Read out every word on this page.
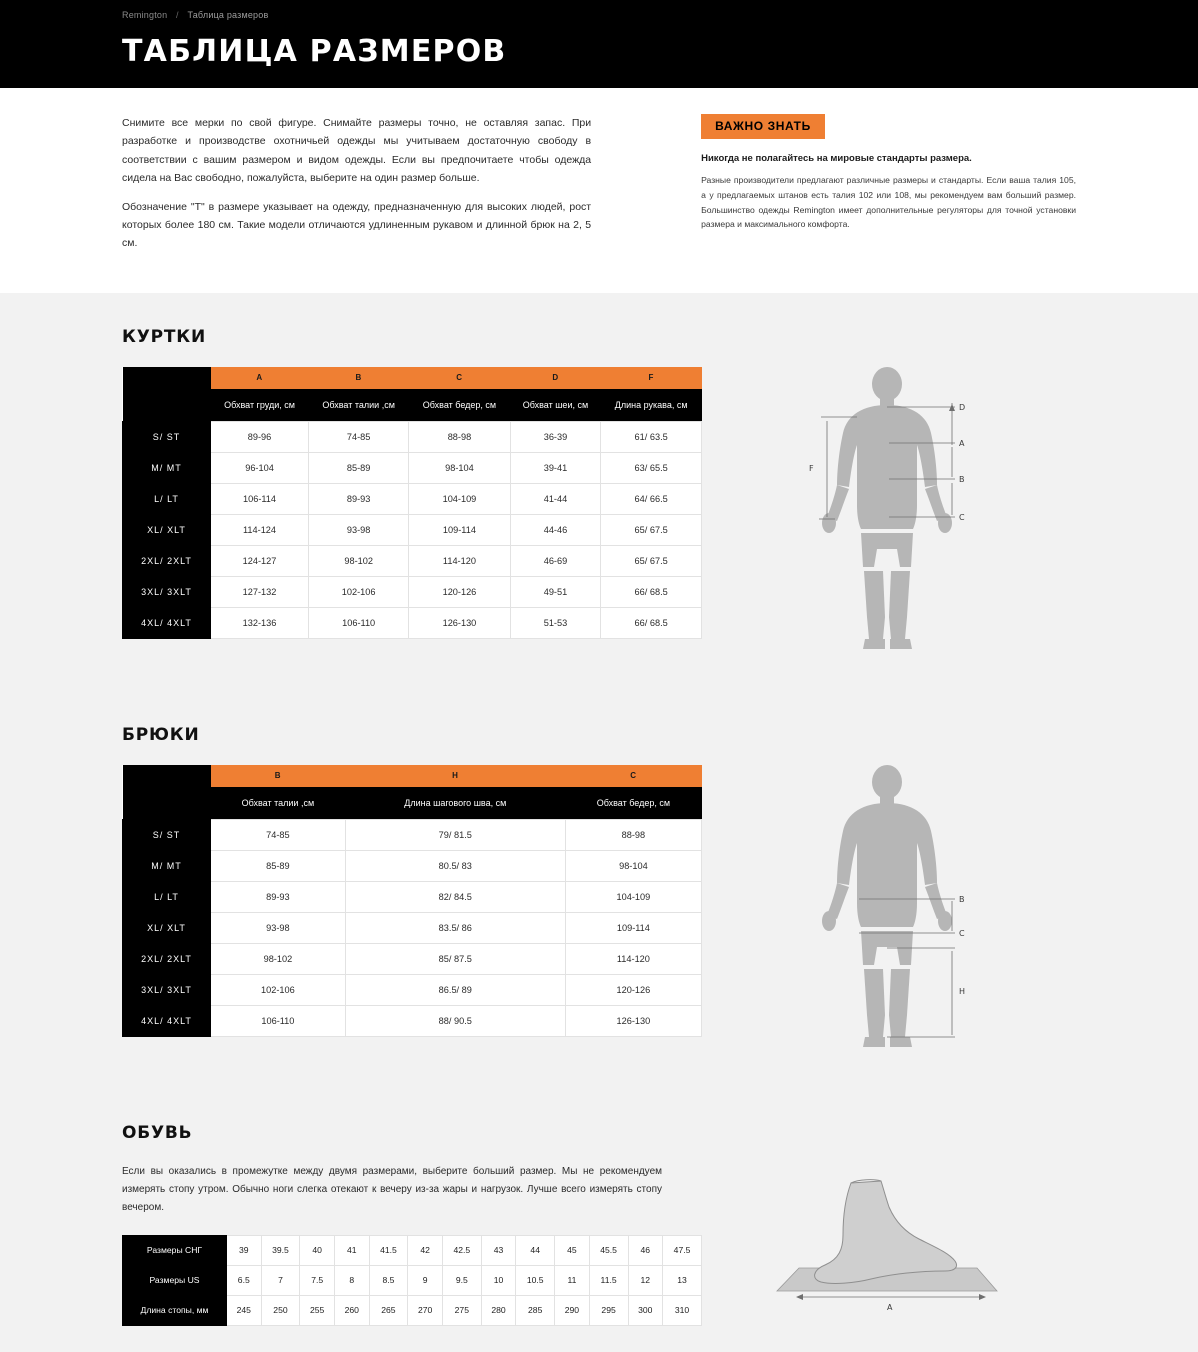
Remington / Таблица размеров
ТАБЛИЦА РАЗМЕРОВ

Снимите все мерки по свой фигуре. Снимайте размеры точно, не оставляя запас. При разработке и производстве охотничьей одежды мы учитываем достаточную свободу в соответствии с вашим размером и видом одежды. Если вы предпочитаете чтобы одежда сидела на Вас свободно, пожалуйста, выберите на один размер больше.

Обозначение "Т" в размере указывает на одежду, предназначенную для высоких людей, рост которых более 180 см. Такие модели отличаются удлиненным рукавом и длинной брюк на 2, 5 см.

ВАЖНО ЗНАТЬ
Никогда не полагайтесь на мировые стандарты размера.
Разные производители предлагают различные размеры и стандарты. Если ваша талия 105, а у предлагаемых штанов есть талия 102 или 108, мы рекомендуем вам больший размер. Большинство одежды Remington имеет дополнительные регуляторы для точной установки размера и максимального комфорта.
КУРТКИ
	A	B	C	D	F
	Обхват груди, см	Обхват талии ,см	Обхват бедер, см	Обхват шеи, см	Длина рукава, см
S/ ST	89-96	74-85	88-98	36-39	61/ 63.5
M/ MT	96-104	85-89	98-104	39-41	63/ 65.5
L/ LT	106-114	89-93	104-109	41-44	64/ 66.5
XL/ XLT	114-124	93-98	109-114	44-46	65/ 67.5
2XL/ 2XLT	124-127	98-102	114-120	46-69	65/ 67.5
3XL/ 3XLT	127-132	102-106	120-126	49-51	66/ 68.5
4XL/ 4XLT	132-136	106-110	126-130	51-53	66/ 68.5
D
A
B
C
F
БРЮКИ
	B	H	C
	Обхват талии ,см	Длина шагового шва, см	Обхват бедер, см
S/ ST	74-85	79/ 81.5	88-98
M/ MT	85-89	80.5/ 83	98-104
L/ LT	89-93	82/ 84.5	104-109
XL/ XLT	93-98	83.5/ 86	109-114
2XL/ 2XLT	98-102	85/ 87.5	114-120
3XL/ 3XLT	102-106	86.5/ 89	120-126
4XL/ 4XLT	106-110	88/ 90.5	126-130
B
C
H
ОБУВЬ
Если вы оказались в промежутке между двумя размерами, выберите больший размер. Мы не рекомендуем измерять стопу утром. Обычно ноги слегка отекают к вечеру из-за жары и нагрузок. Лучше всего измерять стопу вечером.
Размеры СНГ	39	39.5	40	41	41.5	42	42.5	43	44	45	45.5	46	47.5
Размеры US	6.5	7	7.5	8	8.5	9	9.5	10	10.5	11	11.5	12	13
Длина стопы, мм	245	250	255	260	265	270	275	280	285	290	295	300	310	A
